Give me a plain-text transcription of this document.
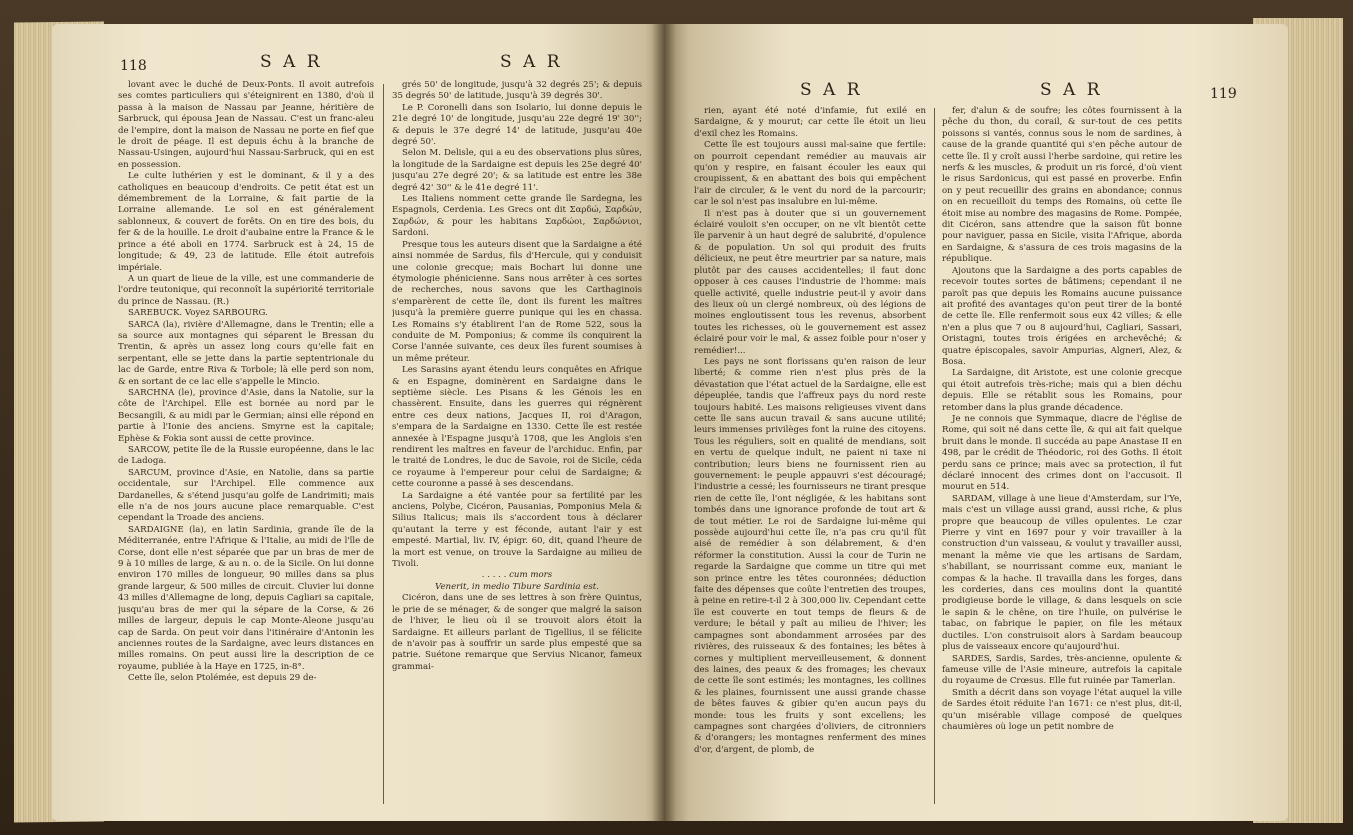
118	S A R	S A R

lovant avec le duché de Deux-Ponts. Il avoit autrefois ses comtes particuliers qui s'éteignirent en 1380, d'où il passa à la maison de Nassau par Jeanne, héritière de Sarbruck, qui épousa Jean de Nassau. C'est un franc-aleu de l'empire, dont la maison de Nassau ne porte en fief que le droit de péage. Il est depuis échu à la branche de Nassau-Usingen, aujourd'hui Nassau-Sarbruck, qui en est en possession.

Le culte luthérien y est le dominant, & il y a des catholiques en beaucoup d'endroits. Ce petit état est un démembrement de la Lorraine, & fait partie de la Lorraine allemande. Le sol en est généralement sablonneux, & couvert de forêts. On en tire des bois, du fer & de la houille. Le droit d'aubaine entre la France & le prince a été aboli en 1774. Sarbruck est à 24, 15 de longitude; & 49, 23 de latitude. Elle étoit autrefois impériale.

A un quart de lieue de la ville, est une commanderie de l'ordre teutonique, qui reconnoît la supériorité territoriale du prince de Nassau. (R.)

SAREBUCK. Voyez SARBOURG.

SARCA (la), rivière d'Allemagne, dans le Trentin; elle a sa source aux montagnes qui séparent le Bressan du Trentin, & après un assez long cours qu'elle fait en serpentant, elle se jette dans la partie septentrionale du lac de Garde, entre Riva & Torbole; là elle perd son nom, & en sortant de ce lac elle s'appelle le Mincio.

SARCHNA (le), province d'Asie, dans la Natolie, sur la côte de l'Archipel. Elle est bornée au nord par le Becsangili, & au midi par le Germian; ainsi elle répond en partie à l'Ionie des anciens. Smyrne est la capitale; Ephèse & Fokia sont aussi de cette province.

SARCOW, petite île de la Russie européenne, dans le lac de Ladoga.

SARCUM, province d'Asie, en Natolie, dans sa partie occidentale, sur l'Archipel. Elle commence aux Dardanelles, & s'étend jusqu'au golfe de Landrimiti; mais elle n'a de nos jours aucune place remarquable. C'est cependant la Troade des anciens.

SARDAIGNE (la), en latin Sardinia, grande île de la Méditerranée, entre l'Afrique & l'Italie, au midi de l'île de Corse, dont elle n'est séparée que par un bras de mer de 9 à 10 milles de large, & au n. o. de la Sicile. On lui donne environ 170 milles de longueur, 90 milles dans sa plus grande largeur, & 500 milles de circuit. Cluvier lui donne 43 milles d'Allemagne de long, depuis Cagliari sa capitale, jusqu'au bras de mer qui la sépare de la Corse, & 26 milles de largeur, depuis le cap Monte-Aleone jusqu'au cap de Sarda. On peut voir dans l'itinéraire d'Antonin les anciennes routes de la Sardaigne, avec leurs distances en milles romains. On peut aussi lire la description de ce royaume, publiée à la Haye en 1725, in-8°.

Cette île, selon Ptolémée, est depuis 29 de-

grés 50' de longitude, jusqu'à 32 degrés 25'; & depuis 35 degrés 50' de latitude, jusqu'à 39 degrés 30'.

Le P. Coronelli dans son Isolario, lui donne depuis le 21e degré 10' de longitude, jusqu'au 22e degré 19' 30''; & depuis le 37e degré 14' de latitude, jusqu'au 40e degré 50'.

Selon M. Delisle, qui a eu des observations plus sûres, la longitude de la Sardaigne est depuis les 25e degré 40' jusqu'au 27e degré 20'; & sa latitude est entre les 38e degré 42' 30'' & le 41e degré 11'.

Les Italiens nomment cette grande île Sardegna, les Espagnols, Cerdenia. Les Grecs ont dit Σαρδώ, Σαρδών, Σαρδών, & pour les habitans Σαρδώοι, Σαρδώνιοι, Sardoni.

Presque tous les auteurs disent que la Sardaigne a été ainsi nommée de Sardus, fils d'Hercule, qui y conduisit une colonie grecque; mais Bochart lui donne une étymologie phénicienne. Sans nous arrêter à ces sortes de recherches, nous savons que les Carthaginois s'emparèrent de cette île, dont ils furent les maîtres jusqu'à la première guerre punique qui les en chassa. Les Romains s'y établirent l'an de Rome 522, sous la conduite de M. Pomponius; & comme ils conquirent la Corse l'année suivante, ces deux îles furent soumises à un même préteur.

Les Sarasins ayant étendu leurs conquêtes en Afrique & en Espagne, dominèrent en Sardaigne dans le septième siècle. Les Pisans & les Génois les en chassèrent. Ensuite, dans les guerres qui régnèrent entre ces deux nations, Jacques II, roi d'Aragon, s'empara de la Sardaigne en 1330. Cette île est restée annexée à l'Espagne jusqu'à 1708, que les Anglois s'en rendirent les maîtres en faveur de l'archiduc. Enfin, par le traité de Londres, le duc de Savoie, roi de Sicile, céda ce royaume à l'empereur pour celui de Sardaigne; & cette couronne a passé à ses descendans.

La Sardaigne a été vantée pour sa fertilité par les anciens, Polybe, Cicéron, Pausanias, Pomponius Mela & Silius Italicus; mais ils s'accordent tous à déclarer qu'autant la terre y est féconde, autant l'air y est empesté. Martial, liv. IV, épigr. 60, dit, quand l'heure de la mort est venue, on trouve la Sardaigne au milieu de Tivoli.

. . . . . cum mors

Venerit, in medio Tibure Sardinia est.

Cicéron, dans une de ses lettres à son frère Quintus, le prie de se ménager, & de songer que malgré la saison de l'hiver, le lieu où il se trouvoit alors étoit la Sardaigne. Et ailleurs parlant de Tigellius, il se félicite de n'avoir pas à souffrir un sarde plus empesté que sa patrie. Suétone remarque que Servius Nicanor, fameux grammai-

S A R	S A R	119

rien, ayant été noté d'infamie, fut exilé en Sardaigne, & y mourut; car cette île étoit un lieu d'exil chez les Romains.

Cette île est toujours aussi mal-saine que fertile: on pourroit cependant remédier au mauvais air qu'on y respire, en faisant écouler les eaux qui croupissent, & en abattant des bois qui empêchent l'air de circuler, & le vent du nord de la parcourir; car le sol n'est pas insalubre en lui-même.

Il n'est pas à douter que si un gouvernement éclairé vouloit s'en occuper, on ne vît bientôt cette île parvenir à un haut degré de salubrité, d'opulence & de population. Un sol qui produit des fruits délicieux, ne peut être meurtrier par sa nature, mais plutôt par des causes accidentelles; il faut donc opposer à ces causes l'industrie de l'homme: mais quelle activité, quelle industrie peut-il y avoir dans des lieux où un clergé nombreux, où des légions de moines engloutissent tous les revenus, absorbent toutes les richesses, où le gouvernement est assez éclairé pour voir le mal, & assez foible pour n'oser y remédier!...

Les pays ne sont florissans qu'en raison de leur liberté; & comme rien n'est plus près de la dévastation que l'état actuel de la Sardaigne, elle est dépeuplée, tandis que l'affreux pays du nord reste toujours habité. Les maisons religieuses vivent dans cette île sans aucun travail & sans aucune utilité; leurs immenses privilèges font la ruine des citoyens. Tous les réguliers, soit en qualité de mendians, soit en vertu de quelque indult, ne paient ni taxe ni contribution; leurs biens ne fournissent rien au gouvernement: le peuple appauvri s'est découragé; l'industrie a cessé; les fournisseurs ne tirant presque rien de cette île, l'ont négligée, & les habitans sont tombés dans une ignorance profonde de tout art & de tout métier. Le roi de Sardaigne lui-même qui possède aujourd'hui cette île, n'a pas cru qu'il fût aisé de remédier à son délabrement, & d'en réformer la constitution. Aussi la cour de Turin ne regarde la Sardaigne que comme un titre qui met son prince entre les têtes couronnées; déduction faite des dépenses que coûte l'entretien des troupes, à peine en retire-t-il 2 à 300,000 liv. Cependant cette île est couverte en tout temps de fleurs & de verdure; le bétail y paît au milieu de l'hiver; les campagnes sont abondamment arrosées par des rivières, des ruisseaux & des fontaines; les bêtes à cornes y multiplient merveilleusement, & donnent des laines, des peaux & des fromages; les chevaux de cette île sont estimés; les montagnes, les collines & les plaines, fournissent une aussi grande chasse de bêtes fauves & gibier qu'en aucun pays du monde: tous les fruits y sont excellens; les campagnes sont chargées d'oliviers, de citronniers & d'orangers; les montagnes renferment des mines d'or, d'argent, de plomb, de

fer, d'alun & de soufre; les côtes fournissent à la pêche du thon, du corail, & sur-tout de ces petits poissons si vantés, connus sous le nom de sardines, à cause de la grande quantité qui s'en pêche autour de cette île. Il y croît aussi l'herbe sardoine, qui retire les nerfs & les muscles, & produit un ris forcé, d'où vient le risus Sardonicus, qui est passé en proverbe. Enfin on y peut recueillir des grains en abondance; connus on en recueilloit du temps des Romains, où cette île étoit mise au nombre des magasins de Rome. Pompée, dit Cicéron, sans attendre que la saison fût bonne pour naviguer, passa en Sicile, visita l'Afrique, aborda en Sardaigne, & s'assura de ces trois magasins de la république.

Ajoutons que la Sardaigne a des ports capables de recevoir toutes sortes de bâtimens; cependant il ne paroît pas que depuis les Romains aucune puissance ait profité des avantages qu'on peut tirer de la bonté de cette île. Elle renfermoit sous eux 42 villes; & elle n'en a plus que 7 ou 8 aujourd'hui, Cagliari, Sassari, Oristagni, toutes trois érigées en archevêché; & quatre épiscopales, savoir Ampurias, Algneri, Alez, & Bosa.

La Sardaigne, dit Aristote, est une colonie grecque qui étoit autrefois très-riche; mais qui a bien déchu depuis. Elle se rétablit sous les Romains, pour retomber dans la plus grande décadence.

Je ne connois que Symmaque, diacre de l'église de Rome, qui soit né dans cette île, & qui ait fait quelque bruit dans le monde. Il succéda au pape Anastase II en 498, par le crédit de Théodoric, roi des Goths. Il étoit perdu sans ce prince; mais avec sa protection, il fut déclaré innocent des crimes dont on l'accusoit. Il mourut en 514.

SARDAM, village à une lieue d'Amsterdam, sur l'Ye, mais c'est un village aussi grand, aussi riche, & plus propre que beaucoup de villes opulentes. Le czar Pierre y vint en 1697 pour y voir travailler à la construction d'un vaisseau, & voulut y travailler aussi, menant la même vie que les artisans de Sardam, s'habillant, se nourrissant comme eux, maniant le compas & la hache. Il travailla dans les forges, dans les corderies, dans ces moulins dont la quantité prodigieuse borde le village, & dans lesquels on scie le sapin & le chêne, on tire l'huile, on pulvérise le tabac, on fabrique le papier, on file les métaux ductiles. L'on construisoit alors à Sardam beaucoup plus de vaisseaux encore qu'aujourd'hui.

SARDES, Sardis, Sardes, très-ancienne, opulente & fameuse ville de l'Asie mineure, autrefois la capitale du royaume de Crœsus. Elle fut ruinée par Tamerlan.

Smith a décrit dans son voyage l'état auquel la ville de Sardes étoit réduite l'an 1671: ce n'est plus, dit-il, qu'un misérable village composé de quelques chaumières où loge un petit nombre de
